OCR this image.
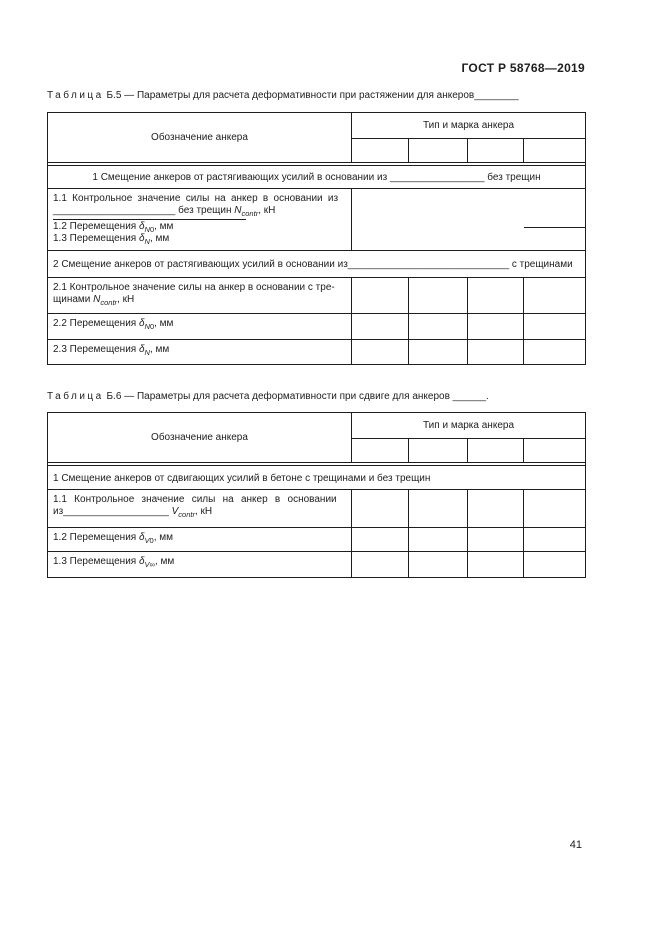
ГОСТ Р 58768—2019
Таблица Б.5 — Параметры для расчета деформативности при растяжении для анкеров________
Обозначение анкера	Тип и марка анкера			

1 Смещение анкеров от растягивающих усилий в основании из _________________ без трещин				

1.1 Контрольное значение силы на анкер в основании из
______________________ без трещин $N_{contr}$, кН
1.2 Перемещения $\delta_{N0}$, мм
1.3 Перемещения $\delta_N$, мм				

2 Смещение анкеров от растягивающих усилий в основании из_____________________________ с трещинами				

2.1 Контрольное значение силы на анкер в основании с тре-
щинами $N_{contr}$, кН				

2.2 Перемещения $\delta_{N0}$, мм				

2.3 Перемещения $\delta_N$, мм				

Таблица Б.6 — Параметры для расчета деформативности при сдвиге для анкеров ______.
Обозначение анкера	Тип и марка анкера			

1 Смещение анкеров от сдвигающих усилий в бетоне с трещинами и без трещин				

1.1 Контрольное значение силы на анкер в основании
из___________________ $V_{contr}$, кН				

1.2 Перемещения $\delta_{V0}$, мм				

1.3 Перемещения $\delta_{V\infty}$, мм				

41
